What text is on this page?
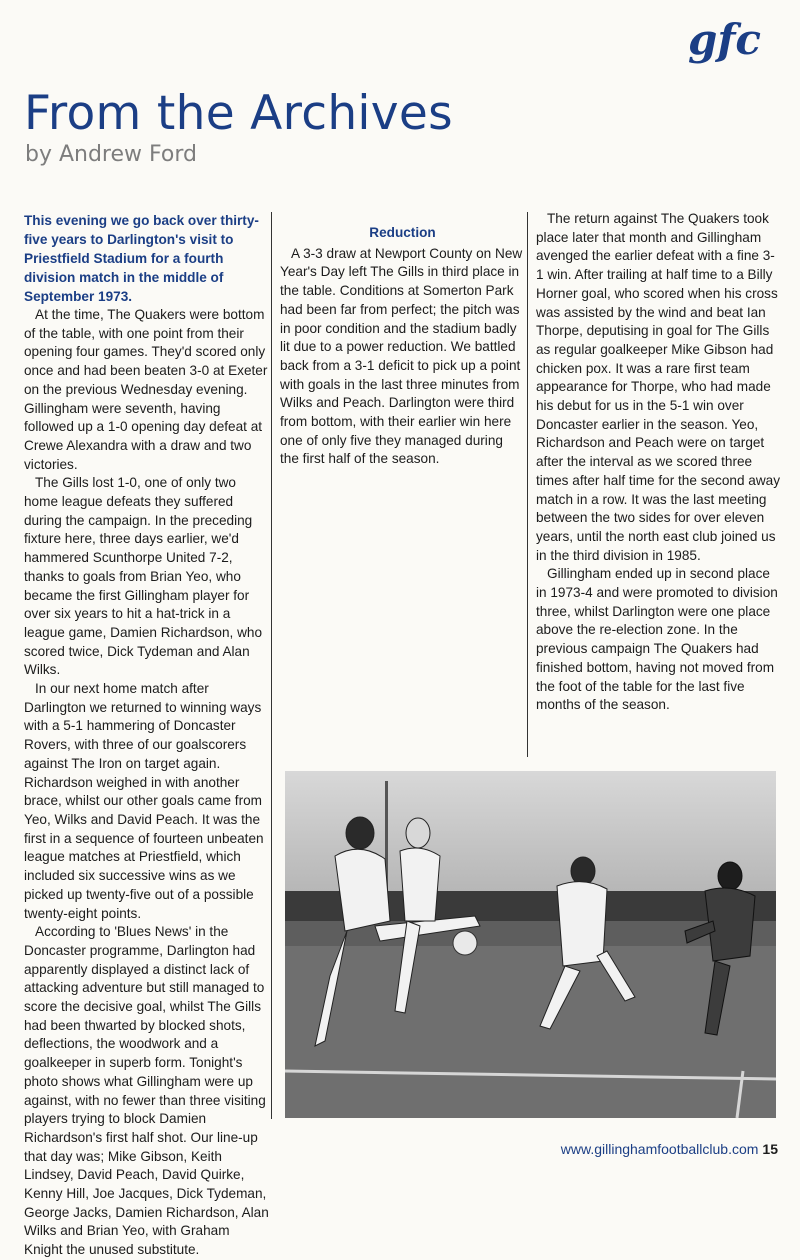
gfc
From the Archives
by Andrew Ford

This evening we go back over thirty-five years to Darlington's visit to Priestfield Stadium for a fourth division match in the middle of September 1973.

At the time, The Quakers were bottom of the table, with one point from their opening four games. They'd scored only once and had been beaten 3-0 at Exeter on the previous Wednesday evening. Gillingham were seventh, having followed up a 1-0 opening day defeat at Crewe Alexandra with a draw and two victories.

The Gills lost 1-0, one of only two home league defeats they suffered during the campaign. In the preceding fixture here, three days earlier, we'd hammered Scunthorpe United 7-2, thanks to goals from Brian Yeo, who became the first Gillingham player for over six years to hit a hat-trick in a league game, Damien Richardson, who scored twice, Dick Tydeman and Alan Wilks.

In our next home match after Darlington we returned to winning ways with a 5-1 hammering of Doncaster Rovers, with three of our goalscorers against The Iron on target again. Richardson weighed in with another brace, whilst our other goals came from Yeo, Wilks and David Peach. It was the first in a sequence of fourteen unbeaten league matches at Priestfield, which included six successive wins as we picked up twenty-five out of a possible twenty-eight points.

According to 'Blues News' in the Doncaster programme, Darlington had apparently displayed a distinct lack of attacking adventure but still managed to score the decisive goal, whilst The Gills had been thwarted by blocked shots, deflections, the woodwork and a goalkeeper in superb form. Tonight's photo shows what Gillingham were up against, with no fewer than three visiting players trying to block Damien Richardson's first half shot. Our line-up that day was; Mike Gibson, Keith Lindsey, David Peach, David Quirke, Kenny Hill, Joe Jacques, Dick Tydeman, George Jacks, Damien Richardson, Alan Wilks and Brian Yeo, with Graham Knight the unused substitute.

Reduction

A 3-3 draw at Newport County on New Year's Day left The Gills in third place in the table. Conditions at Somerton Park had been far from perfect; the pitch was in poor condition and the stadium badly lit due to a power reduction. We battled back from a 3-1 deficit to pick up a point with goals in the last three minutes from Wilks and Peach. Darlington were third from bottom, with their earlier win here one of only five they managed during the first half of the season.

The return against The Quakers took place later that month and Gillingham avenged the earlier defeat with a fine 3-1 win. After trailing at half time to a Billy Horner goal, who scored when his cross was assisted by the wind and beat Ian Thorpe, deputising in goal for The Gills as regular goalkeeper Mike Gibson had chicken pox. It was a rare first team appearance for Thorpe, who had made his debut for us in the 5-1 win over Doncaster earlier in the season. Yeo, Richardson and Peach were on target after the interval as we scored three times after half time for the second away match in a row. It was the last meeting between the two sides for over eleven years, until the north east club joined us in the third division in 1985.

Gillingham ended up in second place in 1973-4 and were promoted to division three, whilst Darlington were one place above the re-election zone. In the previous campaign The Quakers had finished bottom, having not moved from the foot of the table for the last five months of the season.

www.gillinghamfootballclub.com 15
